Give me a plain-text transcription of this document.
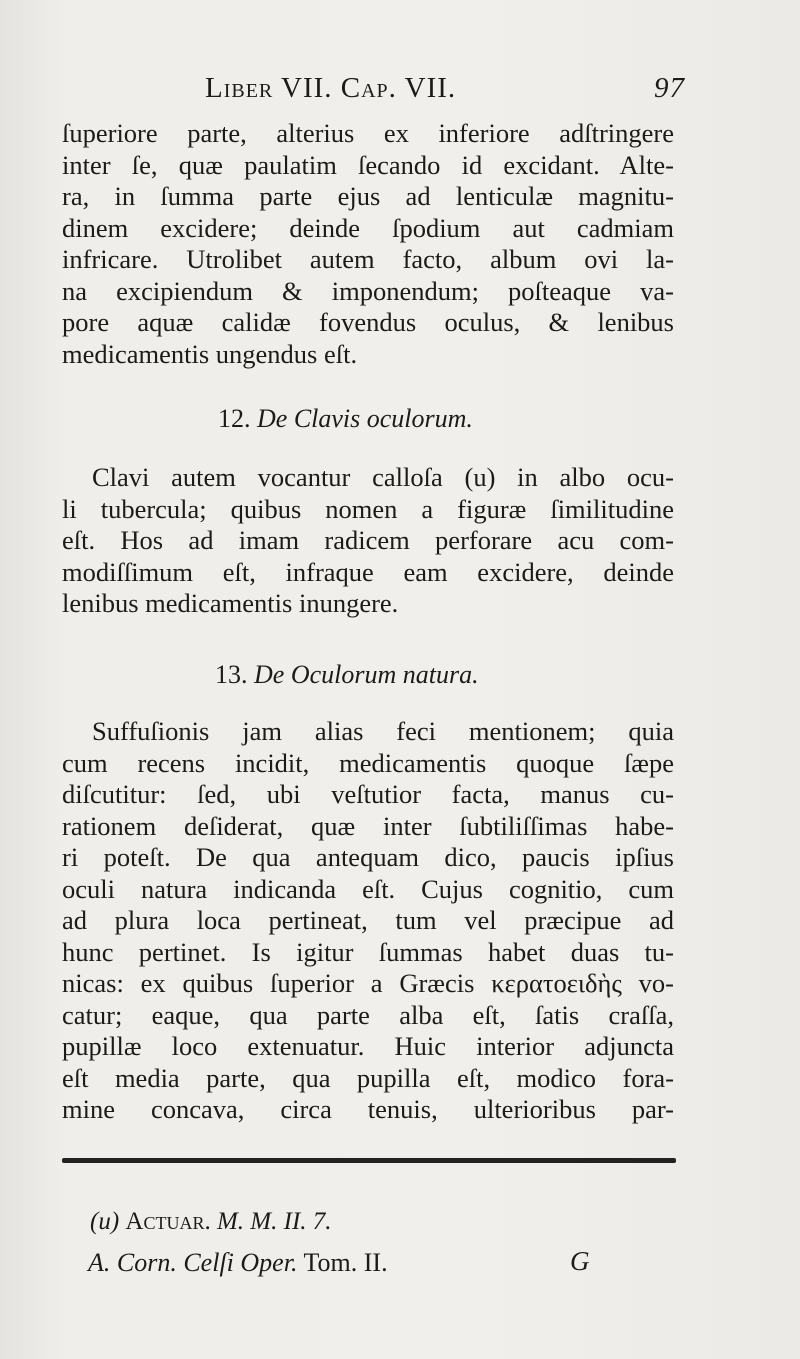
Liber VII. Cap. VII.	97
ſuperiore parte, alterius ex inferiore adſtringere
inter ſe, quæ paulatim ſecando id excidant. Alte-
ra, in ſumma parte ejus ad lenticulæ magnitu-
dinem excidere; deinde ſpodium aut cadmiam
infricare. Utrolibet autem facto, album ovi la-
na excipiendum & imponendum; poſteaque va-
pore aquæ calidæ fovendus oculus, & lenibus
medicamentis ungendus eſt.
12. De Clavis oculorum.
Clavi autem vocantur calloſa (u) in albo ocu-
li tubercula; quibus nomen a figuræ ſimilitudine
eſt. Hos ad imam radicem perforare acu com-
modiſſimum eſt, infraque eam excidere, deinde
lenibus medicamentis inungere.
13. De Oculorum natura.
Suffuſionis jam alias feci mentionem; quia
cum recens incidit, medicamentis quoque ſæpe
diſcutitur: ſed, ubi veſtutior facta, manus cu-
rationem deſiderat, quæ inter ſubtiliſſimas habe-
ri poteſt. De qua antequam dico, paucis ipſius
oculi natura indicanda eſt. Cujus cognitio, cum
ad plura loca pertineat, tum vel præcipue ad
hunc pertinet. Is igitur ſummas habet duas tu-
nicas: ex quibus ſuperior a Græcis κερατοειδὴς vo-
catur; eaque, qua parte alba eſt, ſatis craſſa,
pupillæ loco extenuatur. Huic interior adjuncta
eſt media parte, qua pupilla eſt, modico fora-
mine concava, circa tenuis, ulterioribus par-
(u) Actuar. M. M. II. 7.
A. Corn. Celſi Oper. Tom. II.	G
